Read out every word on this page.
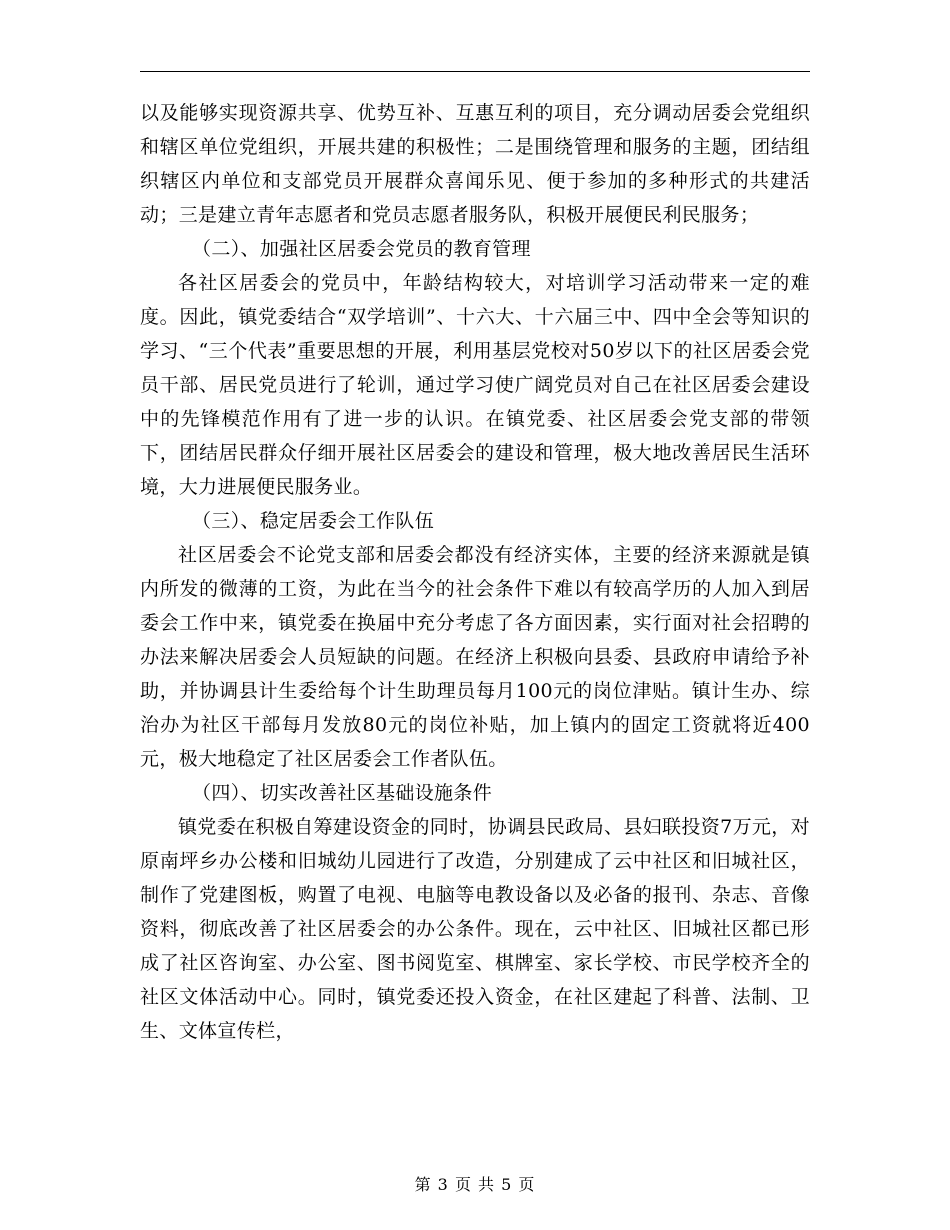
以及能够实现资源共享、优势互补、互惠互利的项目，充分调动居委会党组织和辖区单位党组织，开展共建的积极性；二是围绕管理和服务的主题，团结组织辖区内单位和支部党员开展群众喜闻乐见、便于参加的多种形式的共建活动；三是建立青年志愿者和党员志愿者服务队，积极开展便民利民服务；

（二）、加强社区居委会党员的教育管理

各社区居委会的党员中，年龄结构较大，对培训学习活动带来一定的难度。因此，镇党委结合“双学培训”、十六大、十六届三中、四中全会等知识的学习、“三个代表”重要思想的开展，利用基层党校对50岁以下的社区居委会党员干部、居民党员进行了轮训，通过学习使广阔党员对自己在社区居委会建设中的先锋模范作用有了进一步的认识。在镇党委、社区居委会党支部的带领下，团结居民群众仔细开展社区居委会的建设和管理，极大地改善居民生活环境，大力进展便民服务业。

（三）、稳定居委会工作队伍

社区居委会不论党支部和居委会都没有经济实体，主要的经济来源就是镇内所发的微薄的工资，为此在当今的社会条件下难以有较高学历的人加入到居委会工作中来，镇党委在换届中充分考虑了各方面因素，实行面对社会招聘的办法来解决居委会人员短缺的问题。在经济上积极向县委、县政府申请给予补助，并协调县计生委给每个计生助理员每月100元的岗位津贴。镇计生办、综治办为社区干部每月发放80元的岗位补贴，加上镇内的固定工资就将近400元，极大地稳定了社区居委会工作者队伍。

（四）、切实改善社区基础设施条件

镇党委在积极自筹建设资金的同时，协调县民政局、县妇联投资7万元，对原南坪乡办公楼和旧城幼儿园进行了改造，分别建成了云中社区和旧城社区，制作了党建图板，购置了电视、电脑等电教设备以及必备的报刊、杂志、音像资料，彻底改善了社区居委会的办公条件。现在，云中社区、旧城社区都已形成了社区咨询室、办公室、图书阅览室、棋牌室、家长学校、市民学校齐全的社区文体活动中心。同时，镇党委还投入资金，在社区建起了科普、法制、卫生、文体宣传栏，

第 3 页 共 5 页
